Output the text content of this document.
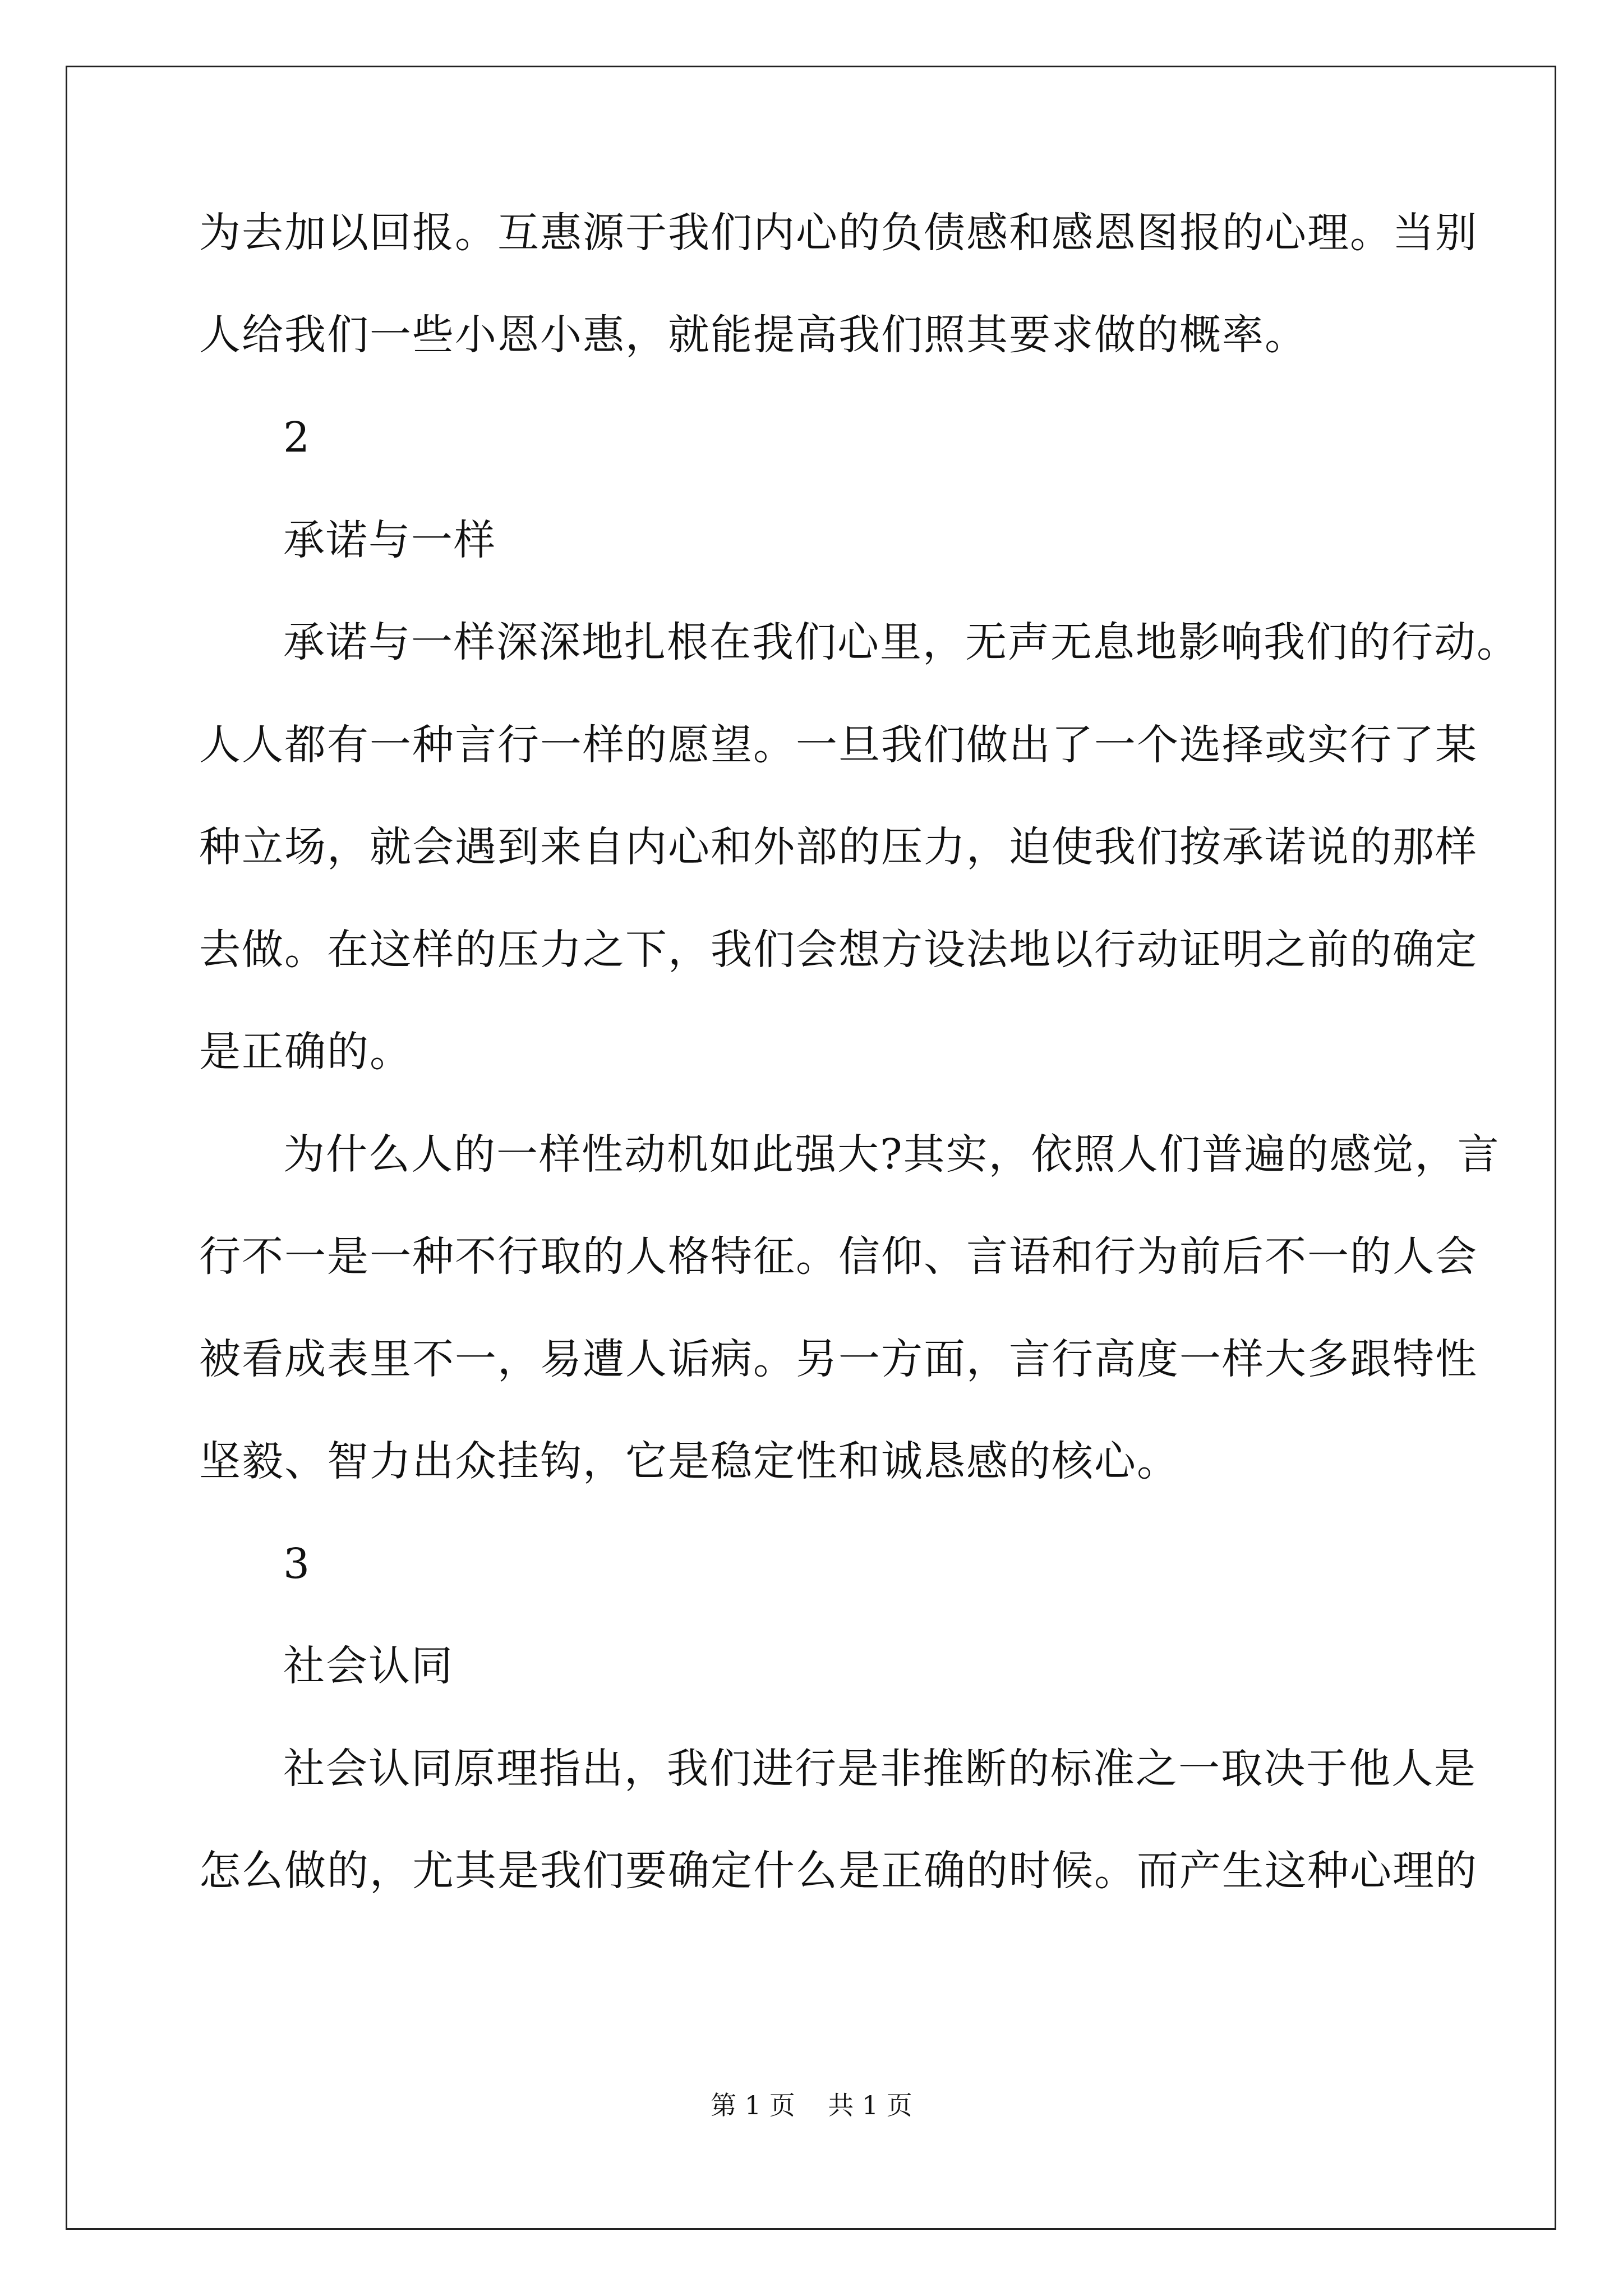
为去加以回报。互惠源于我们内心的负债感和感恩图报的心理。当别
人给我们一些小恩小惠，就能提高我们照其要求做的概率。
2
承诺与一样
承诺与一样深深地扎根在我们心里，无声无息地影响我们的行动。
人人都有一种言行一样的愿望。一旦我们做出了一个选择或实行了某
种立场，就会遇到来自内心和外部的压力，迫使我们按承诺说的那样
去做。在这样的压力之下，我们会想方设法地以行动证明之前的确定
是正确的。
为什么人的一样性动机如此强大?其实，依照人们普遍的感觉，言
行不一是一种不行取的人格特征。信仰、言语和行为前后不一的人会
被看成表里不一，易遭人诟病。另一方面，言行高度一样大多跟特性
坚毅、智力出众挂钩，它是稳定性和诚恳感的核心。
3
社会认同
社会认同原理指出，我们进行是非推断的标准之一取决于他人是
怎么做的，尤其是我们要确定什么是正确的时候。而产生这种心理的
第 1 页    共 1 页
